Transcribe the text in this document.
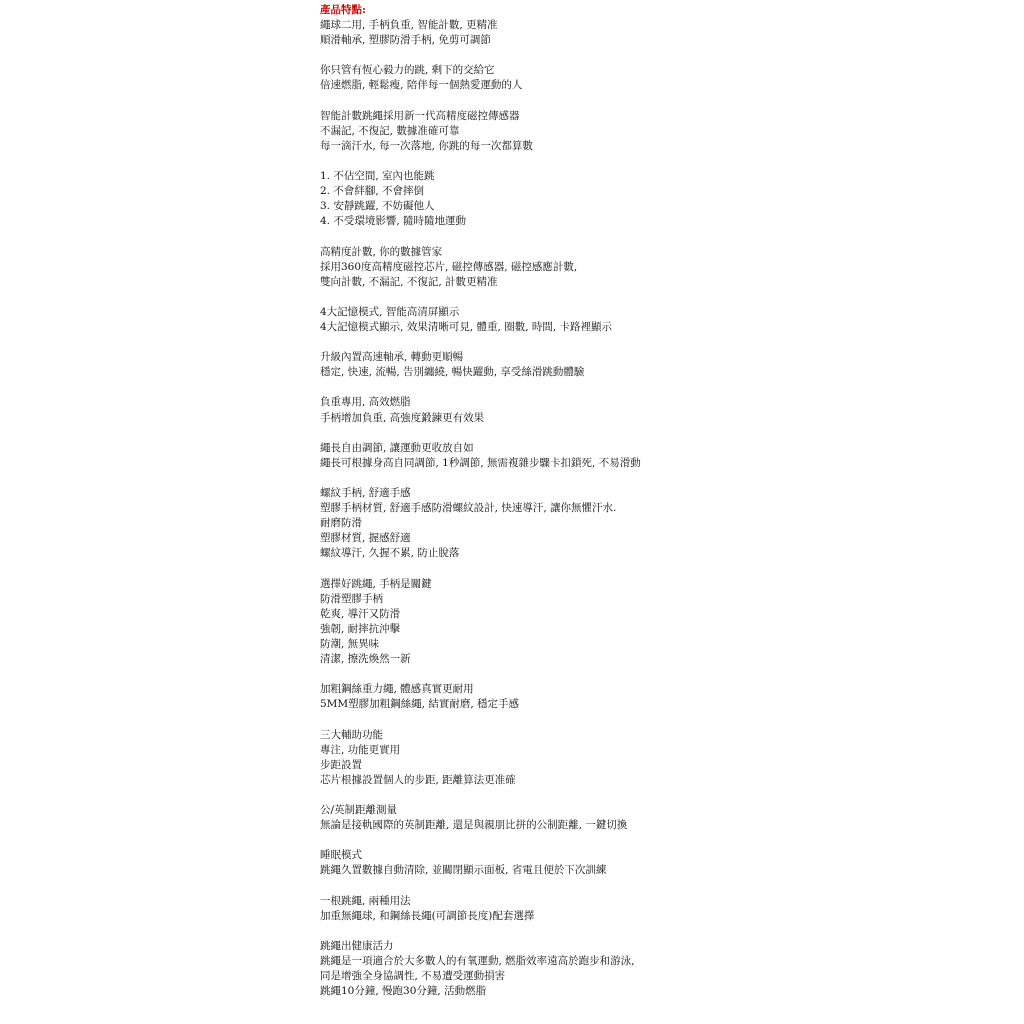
產品特點:
繩球二用, 手柄負重, 智能計數, 更精准
順滑軸承, 塑膠防滑手柄, 免剪可調節
你只管有恆心毅力的跳, 剩下的交給它
倍速燃脂, 輕鬆瘦, 陪伴每一個熱愛運動的人
智能計數跳繩採用新一代高精度磁控傳感器
不漏記, 不復記, 數據准確可靠
每一滴汗水, 每一次落地, 你跳的每一次都算數
1. 不佔空間, 室內也能跳
2. 不會絆腳, 不會摔倒
3. 安靜跳躍, 不妨礙他人
4. 不受環境影響, 隨時隨地運動
高精度計數, 你的數據管家
採用360度高精度磁控芯片, 磁控傳感器, 磁控感應計數,
雙向計數, 不漏記, 不復記, 計數更精准
4大記憶模式, 智能高清屏顯示
4大記憶模式顯示, 效果清晰可見, 體重, 圈數, 時間, 卡路裡顯示
升級內置高速軸承, 轉動更順暢
穩定, 快速, 流暢, 告別纏繞, 暢快躍動, 享受絲滑跳動體驗
負重專用, 高效燃脂
手柄增加負重, 高強度鍛鍊更有效果
繩長自由調節, 讓運動更收放自如
繩長可根據身高自同調節, 1秒調節, 無需複雜步驟卡扣鎖死, 不易滑動
螺紋手柄, 舒適手感
塑膠手柄材質, 舒適手感防滑螺紋設計, 快速導汗, 讓你無懼汗水.
耐磨防滑
塑膠材質, 握感舒適
螺紋導汗, 久握不累, 防止脫落
選擇好跳繩, 手柄是關鍵
防滑塑膠手柄
乾爽, 導汗又防滑
強韌, 耐摔抗沖擊
防潮, 無異味
清潔, 擦洗煥然一新
加粗鋼絲重力繩, 體感真實更耐用
5MM塑膠加粗鋼絲繩, 結實耐磨, 穩定手感
三大輔助功能
專注, 功能更實用
步距設置
芯片根據設置個人的步距, 距離算法更准確
公/英制距離測量
無論是接軌國際的英制距離, 還是與親朋比拼的公制距離, 一鍵切換
睡眠模式
跳繩久置數據自動清除, 並關閉顯示面板, 省電且便於下次訓練
一根跳繩, 兩種用法
加重無繩球, 和鋼絲長繩(可調節長度)配套選擇
跳繩出健康活力
跳繩是一項適合於大多數人的有氧運動, 燃脂效率遠高於跑步和游泳,
同是增強全身協調性, 不易遭受運動損害
跳繩10分鐘, 慢跑30分鐘, 活動燃脂
